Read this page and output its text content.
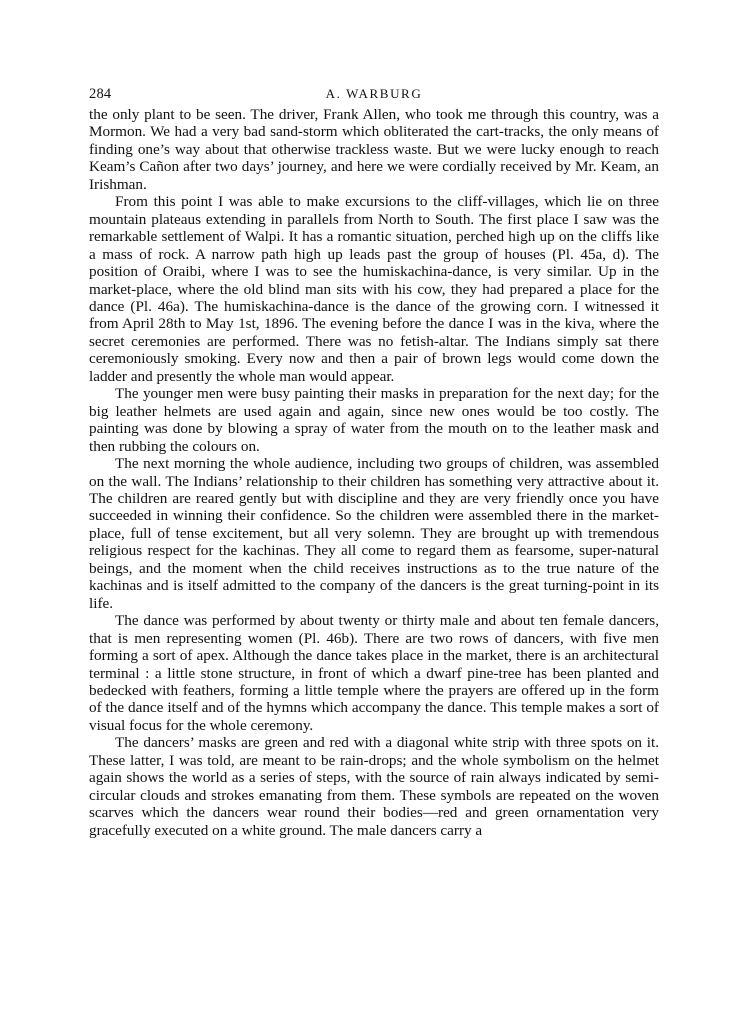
284	A. WARBURG

the only plant to be seen. The driver, Frank Allen, who took me through this country, was a Mormon. We had a very bad sand-storm which obliterated the cart-tracks, the only means of finding one’s way about that otherwise trackless waste. But we were lucky enough to reach Keam’s Cañon after two days’ journey, and here we were cordially received by Mr. Keam, an Irishman.

From this point I was able to make excursions to the cliff-villages, which lie on three mountain plateaus extending in parallels from North to South. The first place I saw was the remarkable settlement of Walpi. It has a romantic situation, perched high up on the cliffs like a mass of rock. A narrow path high up leads past the group of houses (Pl. 45a, d). The position of Oraibi, where I was to see the humiskachina-dance, is very similar. Up in the market-place, where the old blind man sits with his cow, they had prepared a place for the dance (Pl. 46a). The humiskachina-dance is the dance of the growing corn. I witnessed it from April 28th to May 1st, 1896. The evening before the dance I was in the kiva, where the secret ceremonies are performed. There was no fetish-altar. The Indians simply sat there ceremoniously smoking. Every now and then a pair of brown legs would come down the ladder and presently the whole man would appear.

The younger men were busy painting their masks in preparation for the next day; for the big leather helmets are used again and again, since new ones would be too costly. The painting was done by blowing a spray of water from the mouth on to the leather mask and then rubbing the colours on.

The next morning the whole audience, including two groups of children, was assembled on the wall. The Indians’ relationship to their children has something very attractive about it. The children are reared gently but with discipline and they are very friendly once you have succeeded in winning their confidence. So the children were assembled there in the market-place, full of tense excitement, but all very solemn. They are brought up with tremendous religious respect for the kachinas. They all come to regard them as fearsome, super-natural beings, and the moment when the child receives instructions as to the true nature of the kachinas and is itself admitted to the company of the dancers is the great turning-point in its life.

The dance was performed by about twenty or thirty male and about ten female dancers, that is men representing women (Pl. 46b). There are two rows of dancers, with five men forming a sort of apex. Although the dance takes place in the market, there is an architectural terminal : a little stone structure, in front of which a dwarf pine-tree has been planted and bedecked with feathers, forming a little temple where the prayers are offered up in the form of the dance itself and of the hymns which accompany the dance. This temple makes a sort of visual focus for the whole ceremony.

The dancers’ masks are green and red with a diagonal white strip with three spots on it. These latter, I was told, are meant to be rain-drops; and the whole symbolism on the helmet again shows the world as a series of steps, with the source of rain always indicated by semi-circular clouds and strokes emanating from them. These symbols are repeated on the woven scarves which the dancers wear round their bodies—red and green ornamentation very gracefully executed on a white ground. The male dancers carry a
